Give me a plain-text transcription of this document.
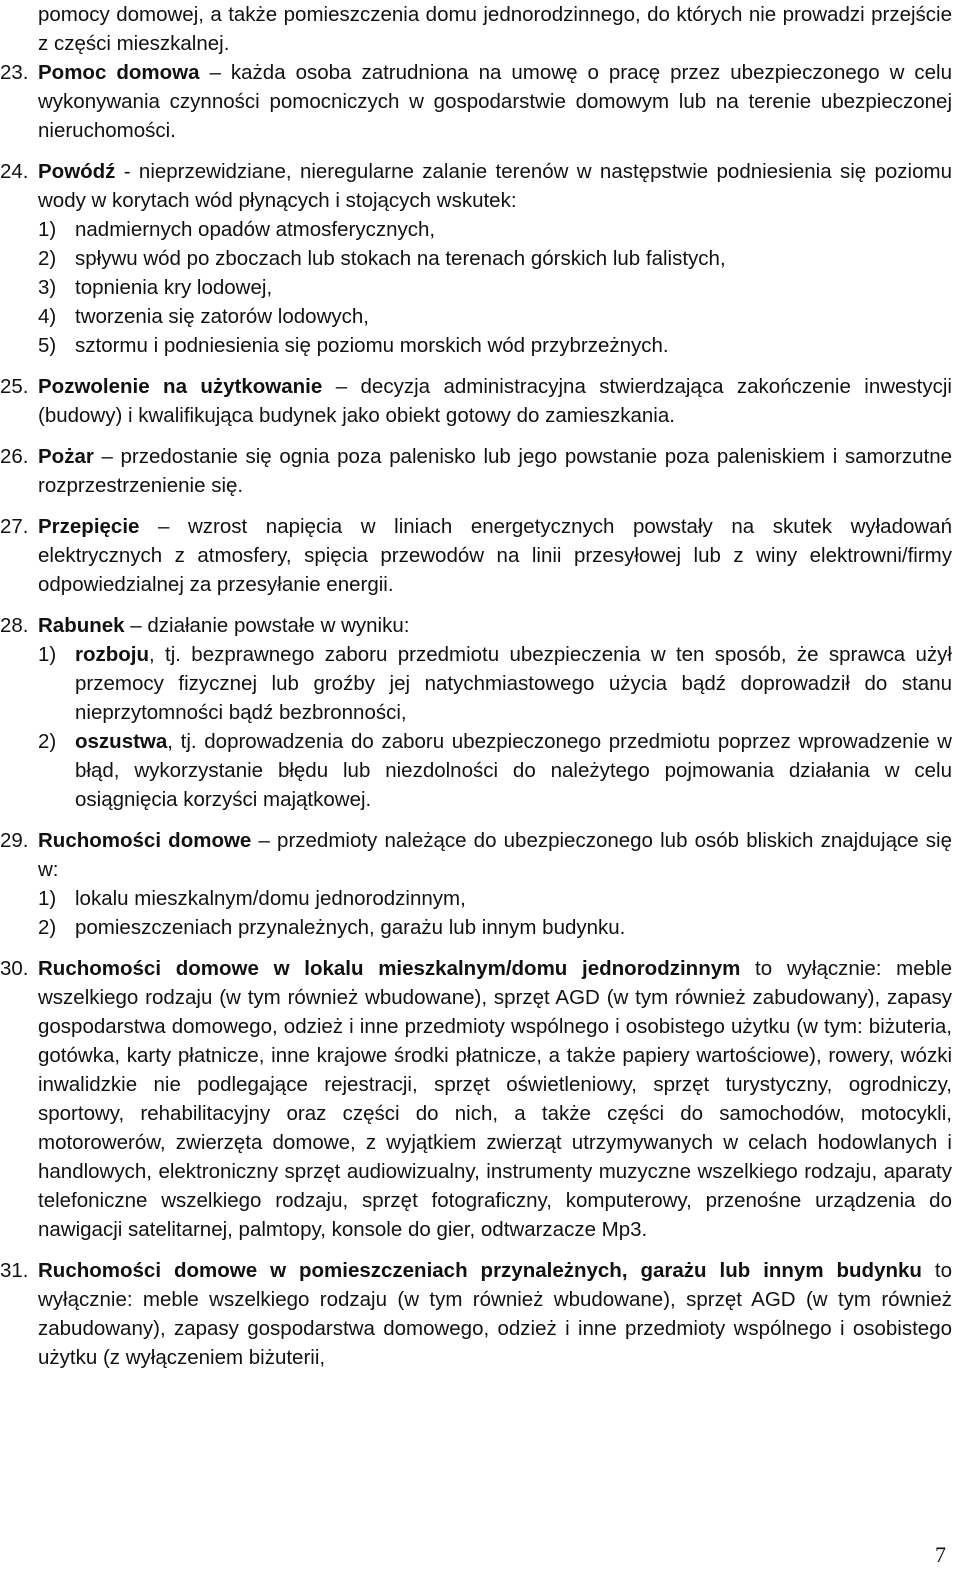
pomocy domowej, a także pomieszczenia domu jednorodzinnego, do których nie prowadzi przejście z części mieszkalnej.

23. Pomoc domowa – każda osoba zatrudniona na umowę o pracę przez ubezpieczonego w celu wykonywania czynności pomocniczych w gospodarstwie domowym lub na terenie ubezpieczonej nieruchomości.

24. Powódź - nieprzewidziane, nieregularne zalanie terenów w następstwie podniesienia się poziomu wody w korytach wód płynących i stojących wskutek:

1) nadmiernych opadów atmosferycznych,
2) spływu wód po zboczach lub stokach na terenach górskich lub falistych,
3) topnienia kry lodowej,
4) tworzenia się zatorów lodowych,
5) sztormu i podniesienia się poziomu morskich wód przybrzeżnych.
25. Pozwolenie na użytkowanie – decyzja administracyjna stwierdzająca zakończenie inwestycji (budowy) i kwalifikująca budynek jako obiekt gotowy do zamieszkania.

26. Pożar – przedostanie się ognia poza palenisko lub jego powstanie poza paleniskiem i samorzutne rozprzestrzenienie się.

27. Przepięcie – wzrost napięcia w liniach energetycznych powstały na skutek wyładowań elektrycznych z atmosfery, spięcia przewodów na linii przesyłowej lub z winy elektrowni/firmy odpowiedzialnej za przesyłanie energii.

28. Rabunek – działanie powstałe w wyniku:

1) rozboju, tj. bezprawnego zaboru przedmiotu ubezpieczenia w ten sposób, że sprawca użył przemocy fizycznej lub groźby jej natychmiastowego użycia bądź doprowadził do stanu nieprzytomności bądź bezbronności,
2) oszustwa, tj. doprowadzenia do zaboru ubezpieczonego przedmiotu poprzez wprowadzenie w błąd, wykorzystanie błędu lub niezdolności do należytego pojmowania działania w celu osiągnięcia korzyści majątkowej.
29. Ruchomości domowe – przedmioty należące do ubezpieczonego lub osób bliskich znajdujące się w:

1) lokalu mieszkalnym/domu jednorodzinnym,
2) pomieszczeniach przynależnych, garażu lub innym budynku.
30. Ruchomości domowe w lokalu mieszkalnym/domu jednorodzinnym to wyłącznie: meble wszelkiego rodzaju (w tym również wbudowane), sprzęt AGD (w tym również zabudowany), zapasy gospodarstwa domowego, odzież i inne przedmioty wspólnego i osobistego użytku (w tym: biżuteria, gotówka, karty płatnicze, inne krajowe środki płatnicze, a także papiery wartościowe), rowery, wózki inwalidzkie nie podlegające rejestracji, sprzęt oświetleniowy, sprzęt turystyczny, ogrodniczy, sportowy, rehabilitacyjny oraz części do nich, a także części do samochodów, motocykli, motorowerów, zwierzęta domowe, z wyjątkiem zwierząt utrzymywanych w celach hodowlanych i handlowych, elektroniczny sprzęt audiowizualny, instrumenty muzyczne wszelkiego rodzaju, aparaty telefoniczne wszelkiego rodzaju, sprzęt fotograficzny, komputerowy, przenośne urządzenia do nawigacji satelitarnej, palmtopy, konsole do gier, odtwarzacze Mp3.

31. Ruchomości domowe w pomieszczeniach przynależnych, garażu lub innym budynku to wyłącznie: meble wszelkiego rodzaju (w tym również wbudowane), sprzęt AGD (w tym również zabudowany), zapasy gospodarstwa domowego, odzież i inne przedmioty wspólnego i osobistego użytku (z wyłączeniem biżuterii,

7
